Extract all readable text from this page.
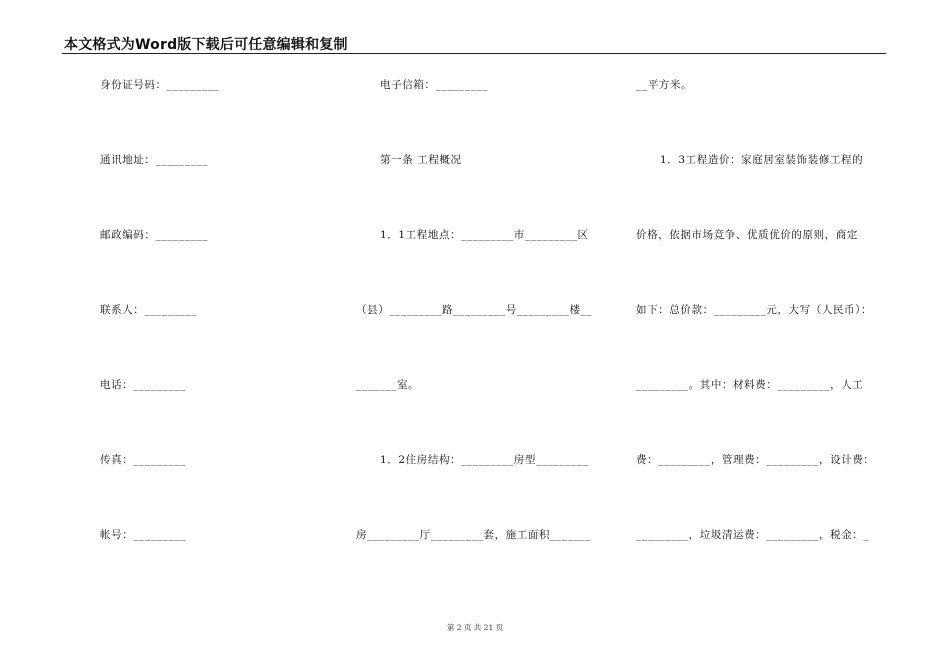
本文格式为Word版下载后可任意编辑和复制
身份证号码：_________
通讯地址：_________
邮政编码：_________
联系人：_________
电话：_________
传真：_________
帐号：_________
电子信箱：_________
第一条 工程概况
1．1工程地点：_________市_________区
（县）_________路_________号_________楼__
_______室。
1．2住房结构：_________房型_________
房_________厅_________套，施工面积_______
__平方米。
1．3工程造价：家庭居室装饰装修工程的
价格，依据市场竞争、优质优价的原则，商定
如下：总价款：_________元，大写（人民币）：
_________。其中：材料费：_________，人工
费：_________，管理费：_________，设计费：
_________，垃圾清运费：_________，税金：_
第 2 页 共 21 页
